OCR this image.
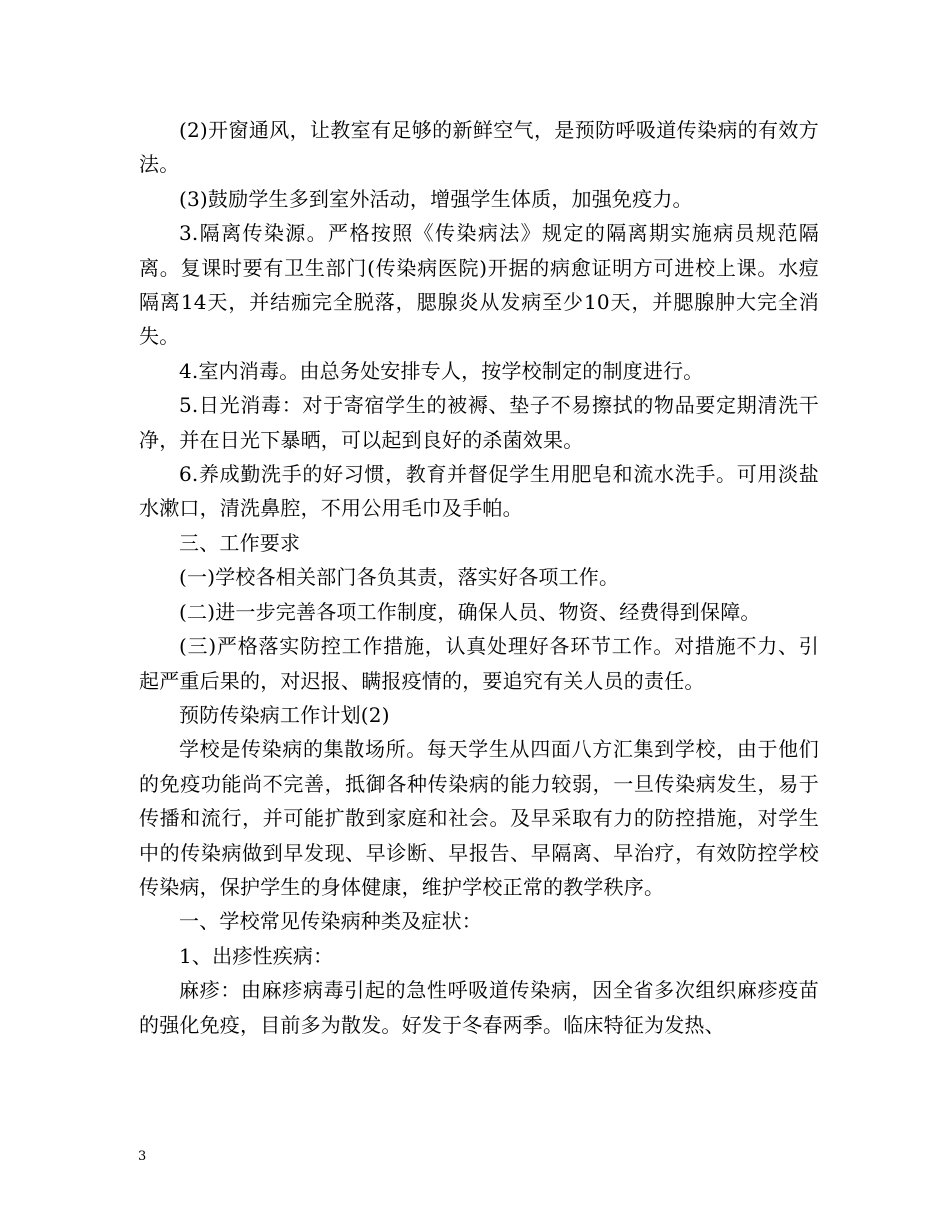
(2)开窗通风，让教室有足够的新鲜空气，是预防呼吸道传染病的有效方法。

(3)鼓励学生多到室外活动，增强学生体质，加强免疫力。

3.隔离传染源。严格按照《传染病法》规定的隔离期实施病员规范隔离。复课时要有卫生部门(传染病医院)开据的病愈证明方可进校上课。水痘隔离14天，并结痂完全脱落，腮腺炎从发病至少10天，并腮腺肿大完全消失。

4.室内消毒。由总务处安排专人，按学校制定的制度进行。

5.日光消毒：对于寄宿学生的被褥、垫子不易擦拭的物品要定期清洗干净，并在日光下暴晒，可以起到良好的杀菌效果。

6.养成勤洗手的好习惯，教育并督促学生用肥皂和流水洗手。可用淡盐水漱口，清洗鼻腔，不用公用毛巾及手帕。

三、工作要求

(一)学校各相关部门各负其责，落实好各项工作。

(二)进一步完善各项工作制度，确保人员、物资、经费得到保障。

(三)严格落实防控工作措施，认真处理好各环节工作。对措施不力、引起严重后果的，对迟报、瞒报疫情的，要追究有关人员的责任。

预防传染病工作计划(2)

学校是传染病的集散场所。每天学生从四面八方汇集到学校，由于他们的免疫功能尚不完善，抵御各种传染病的能力较弱，一旦传染病发生，易于传播和流行，并可能扩散到家庭和社会。及早采取有力的防控措施，对学生中的传染病做到早发现、早诊断、早报告、早隔离、早治疗，有效防控学校传染病，保护学生的身体健康，维护学校正常的教学秩序。

一、学校常见传染病种类及症状：

1、出疹性疾病：

麻疹：由麻疹病毒引起的急性呼吸道传染病，因全省多次组织麻疹疫苗的强化免疫，目前多为散发。好发于冬春两季。临床特征为发热、

3
